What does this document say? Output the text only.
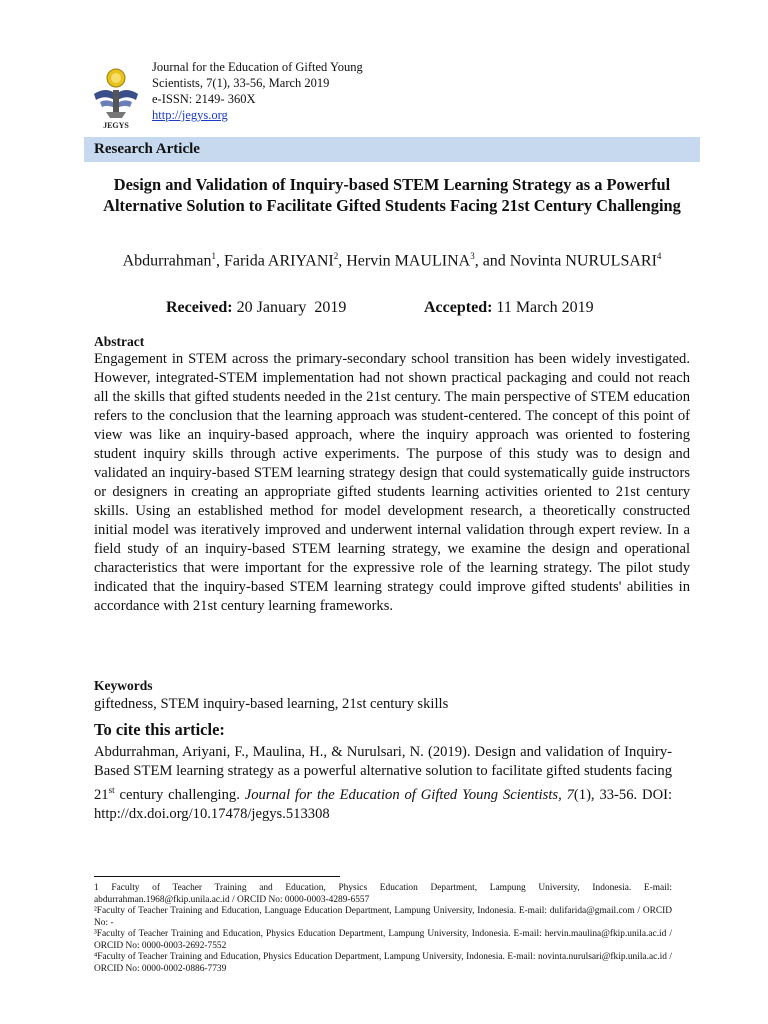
JEGYS
Journal for the Education of Gifted Young
Scientists, 7(1), 33-56, March 2019
e-ISSN: 2149- 360X
http://jegys.org
Research Article
Design and Validation of Inquiry-based STEM Learning Strategy as a Powerful Alternative Solution to Facilitate Gifted Students Facing 21st Century Challenging
Abdurrahman$^1$, Farida ARIYANI$^2$, Hervin MAULINA$^3$, and Novinta NURULSARI$^4$
Received: 20 January  2019	Accepted: 11 March 2019
Abstract
Engagement in STEM across the primary-secondary school transition has been widely investigated. However, integrated-STEM implementation had not shown practical packaging and could not reach all the skills that gifted students needed in the 21st century. The main perspective of STEM education refers to the conclusion that the learning approach was student-centered. The concept of this point of view was like an inquiry-based approach, where the inquiry approach was oriented to fostering student inquiry skills through active experiments. The purpose of this study was to design and validated an inquiry-based STEM learning strategy design that could systematically guide instructors or designers in creating an appropriate gifted students learning activities oriented to 21st century skills. Using an established method for model development research, a theoretically constructed initial model was iteratively improved and underwent internal validation through expert review. In a field study of an inquiry-based STEM learning strategy, we examine the design and operational characteristics that were important for the expressive role of the learning strategy. The pilot study indicated that the inquiry-based STEM learning strategy could improve gifted students' abilities in accordance with 21st century learning frameworks.
Keywords
giftedness, STEM inquiry-based learning, 21st century skills
To cite this article:
Abdurrahman, Ariyani, F., Maulina, H., & Nurulsari, N. (2019). Design and validation of Inquiry-Based STEM learning strategy as a powerful alternative solution to facilitate gifted students facing 21st century challenging. Journal for the Education of Gifted Young Scientists, 7(1), 33-56. DOI: http://dx.doi.org/10.17478/jegys.513308
1 Faculty of Teacher Training and Education, Physics Education Department, Lampung University, Indonesia. E-mail: abdurrahman.1968@fkip.unila.ac.id / ORCID No: 0000-0003-4289-6557
²Faculty of Teacher Training and Education, Language Education Department, Lampung University, Indonesia. E-mail: dulifarida@gmail.com / ORCID No: -
³Faculty of Teacher Training and Education, Physics Education Department, Lampung University, Indonesia. E-mail: hervin.maulina@fkip.unila.ac.id / ORCID No: 0000-0003-2692-7552
⁴Faculty of Teacher Training and Education, Physics Education Department, Lampung University, Indonesia. E-mail: novinta.nurulsari@fkip.unila.ac.id / ORCID No: 0000-0002-0886-7739
